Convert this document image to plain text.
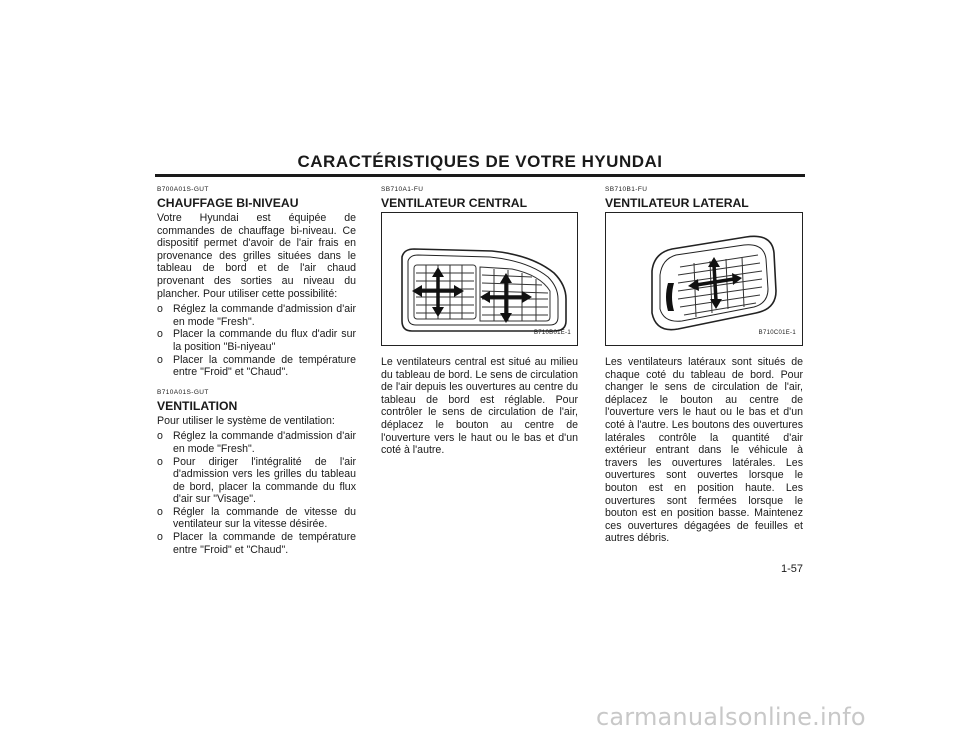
CARACTÉRISTIQUES DE VOTRE HYUNDAI
B700A01S-GUT
CHAUFFAGE BI-NIVEAU
Votre Hyundai est équipée de commandes de chauffage bi-niveau. Ce dispositif permet d'avoir de l'air frais en provenance des grilles situées dans le tableau de bord et de l'air chaud provenant des sorties au niveau du plancher. Pour utiliser cette possibilité:
o Réglez la commande d'admission d'air en mode "Fresh".
o Placer la commande du flux d'adir sur la position "Bi-niyeau"
o Placer la commande de température entre "Froid" et "Chaud".
B710A01S-GUT
VENTILATION
Pour utiliser le système de ventilation:
o Réglez la commande d'admission d'air en mode "Fresh".
o Pour diriger l'intégralité de l'air d'admission vers les grilles du tableau de bord, placer la commande du flux d'air sur "Visage".
o Régler la commande de vitesse du ventilateur sur la vitesse désirée.
o Placer la commande de température entre "Froid" et "Chaud".
SB710A1-FU
VENTILATEUR CENTRAL
B710B01E-1
Le ventilateurs central est situé au milieu du tableau de bord. Le sens de circulation de l'air depuis les ouvertures au centre du tableau de bord est réglable. Pour contrôler le sens de circulation de l'air, déplacez le bouton au centre de l'ouverture vers le haut ou le bas et d'un coté à l'autre.
SB710B1-FU
VENTILATEUR LATERAL
B710C01E-1
Les ventilateurs latéraux sont situés de chaque coté du tableau de bord. Pour changer le sens de circulation de l'air, déplacez le bouton au centre de l'ouverture vers le haut ou le bas et d'un coté à l'autre. Les boutons des ouvertures latérales contrôle la quantité d'air extérieur entrant dans le véhicule à travers les ouvertures latérales. Les ouvertures sont ouvertes lorsque le bouton est en position haute. Les ouvertures sont fermées lorsque le bouton est en position basse. Maintenez ces ouvertures dégagées de feuilles et autres débris.
1-57
carmanualsonline.info
